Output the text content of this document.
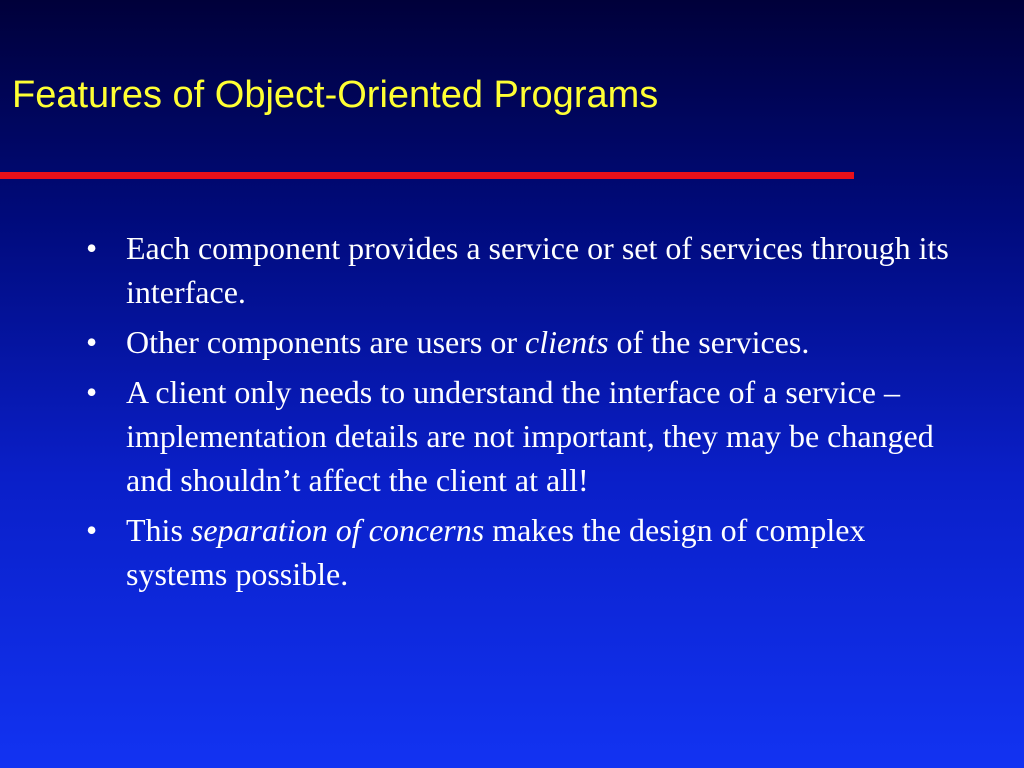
Features of Object-Oriented Programs
• Each component provides a service or set of services through its interface.
• Other components are users or clients of the services.
• A client only needs to understand the interface of a service – implementation details are not important, they may be changed and shouldn’t affect the client at all!
• This separation of concerns makes the design of complex systems possible.
